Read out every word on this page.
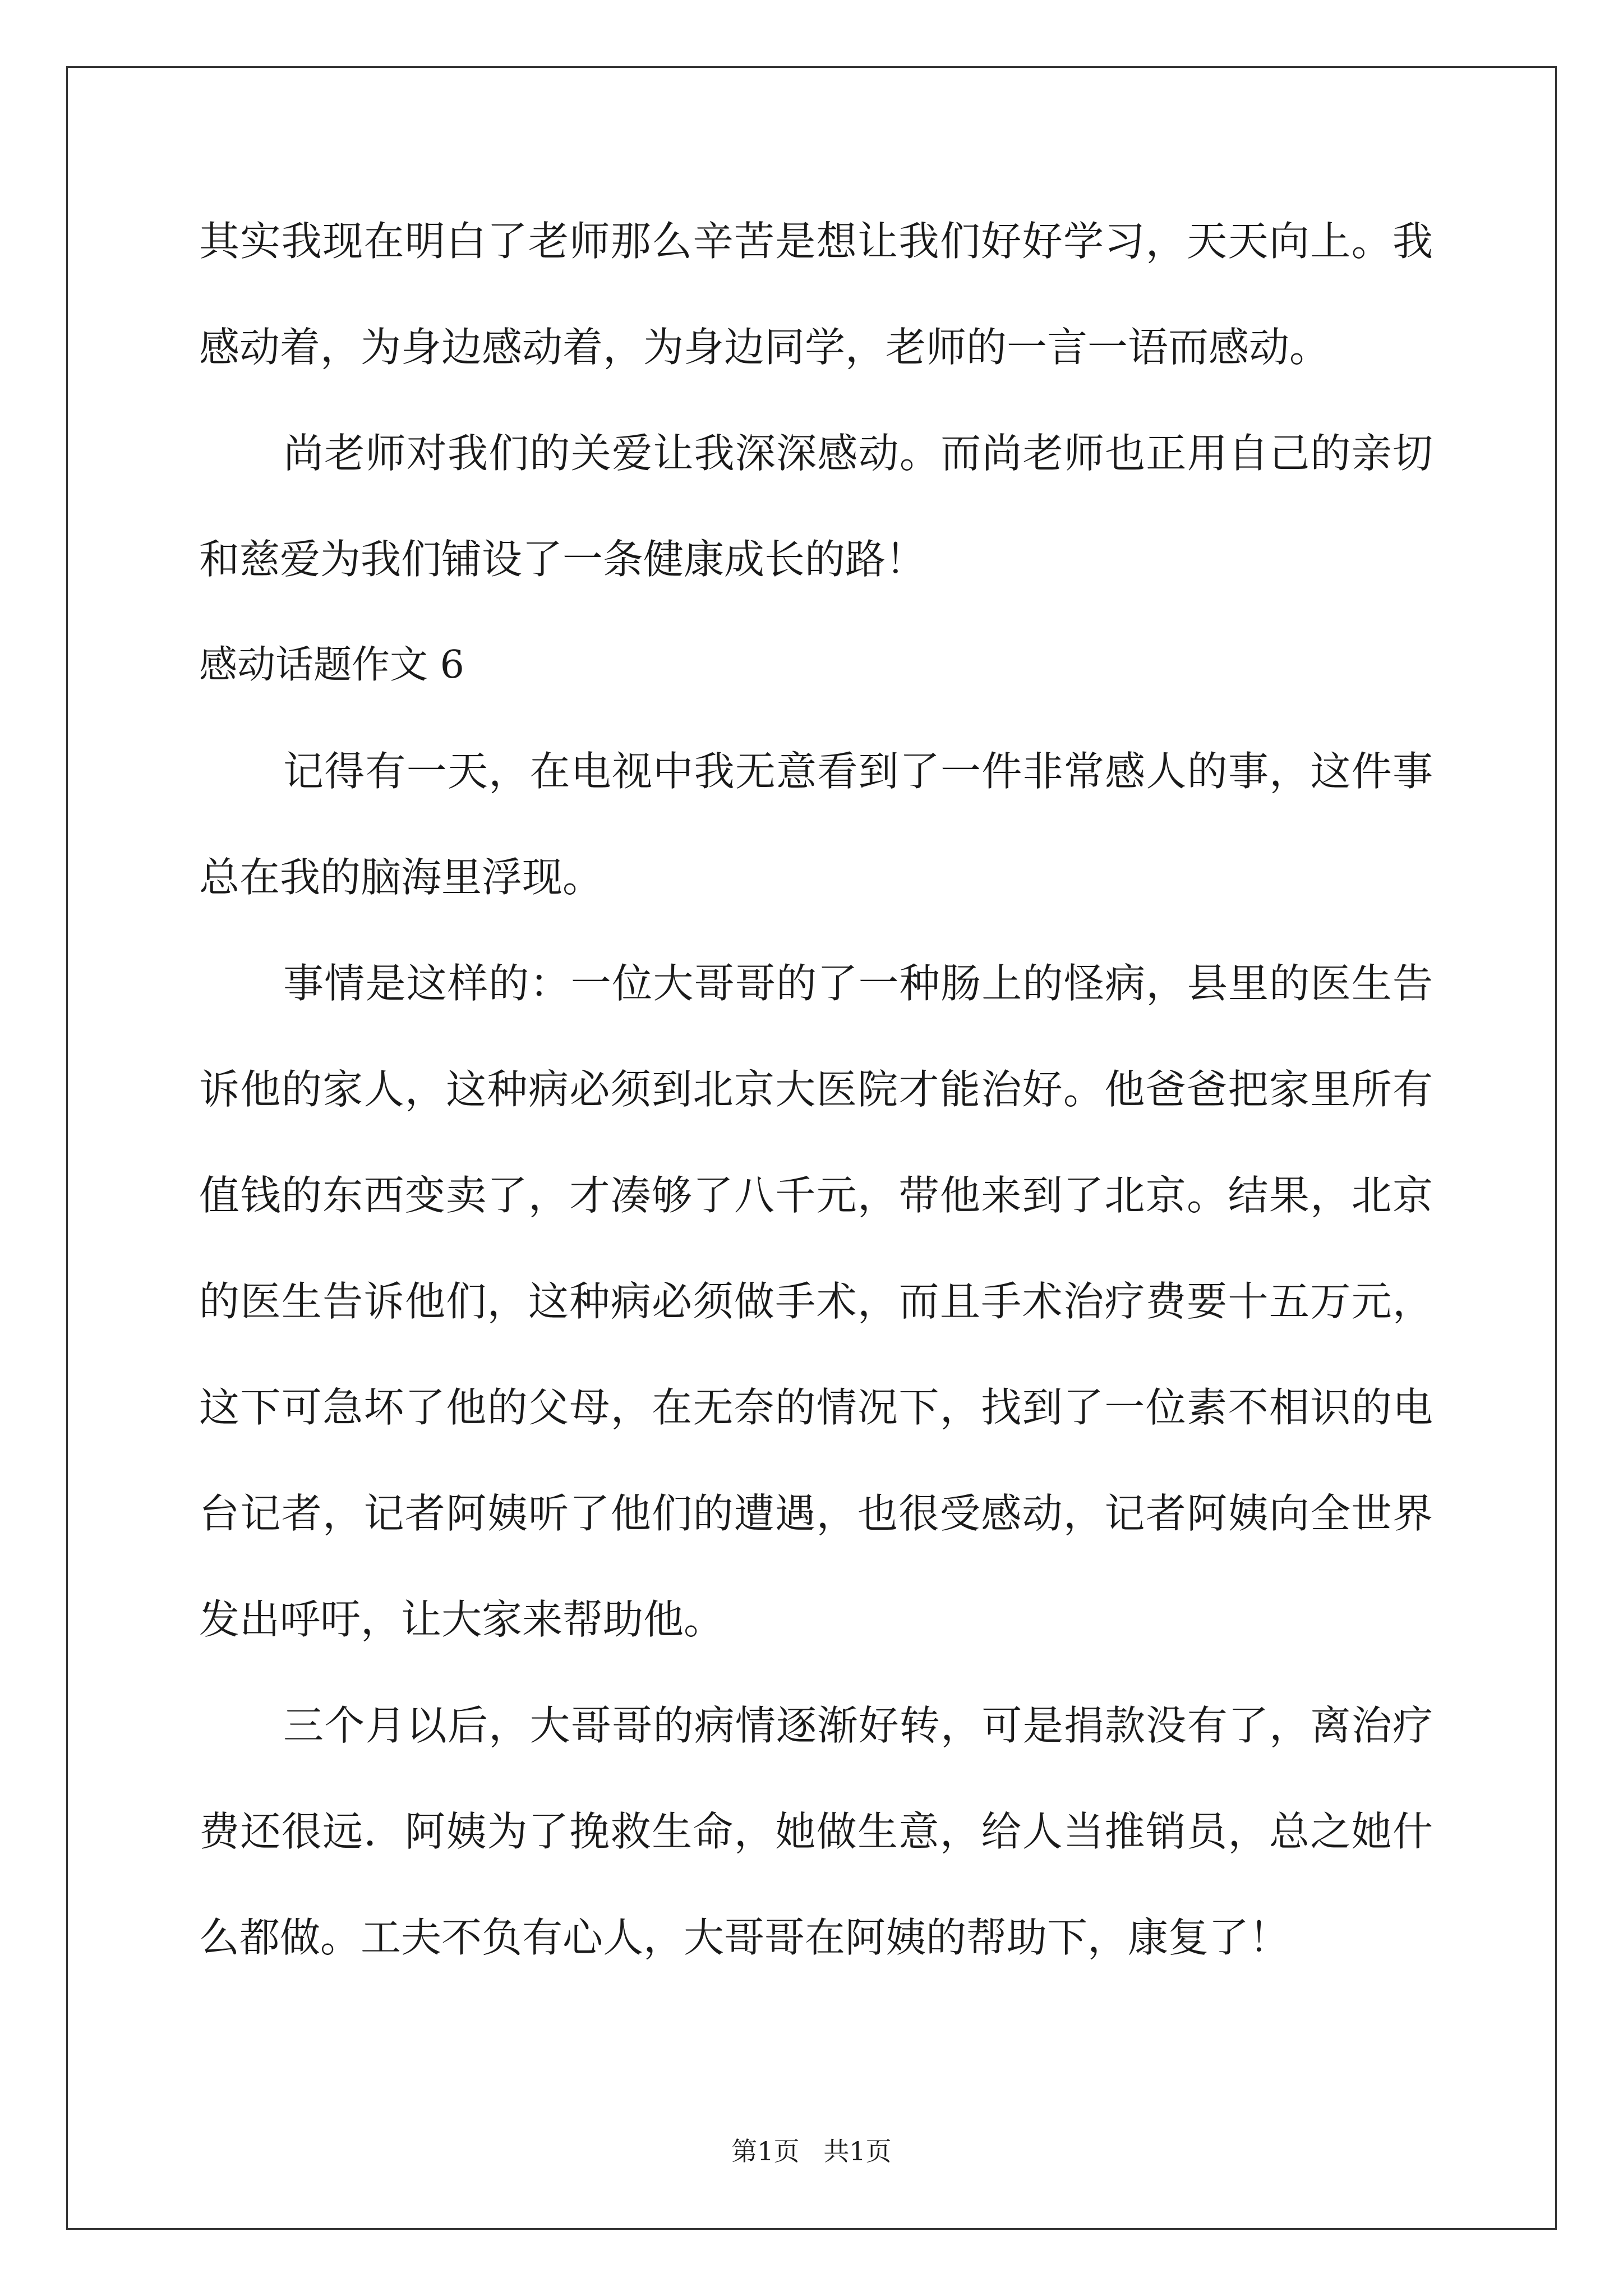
其实我现在明白了老师那么辛苦是想让我们好好学习，天天向上。我
感动着，为身边感动着，为身边同学，老师的一言一语而感动。
尚老师对我们的关爱让我深深感动。而尚老师也正用自己的亲切
和慈爱为我们铺设了一条健康成长的路！
感动话题作文 6
记得有一天，在电视中我无意看到了一件非常感人的事，这件事
总在我的脑海里浮现。
事情是这样的：一位大哥哥的了一种肠上的怪病，县里的医生告
诉他的家人，这种病必须到北京大医院才能治好。他爸爸把家里所有
值钱的东西变卖了，才凑够了八千元，带他来到了北京。结果，北京
的医生告诉他们，这种病必须做手术，而且手术治疗费要十五万元，
这下可急坏了他的父母，在无奈的情况下，找到了一位素不相识的电
台记者，记者阿姨听了他们的遭遇，也很受感动，记者阿姨向全世界
发出呼吁，让大家来帮助他。
三个月以后，大哥哥的病情逐渐好转，可是捐款没有了，离治疗
费还很远．阿姨为了挽救生命，她做生意，给人当推销员，总之她什
么都做。工夫不负有心人，大哥哥在阿姨的帮助下，康复了！
第1页 共1页
